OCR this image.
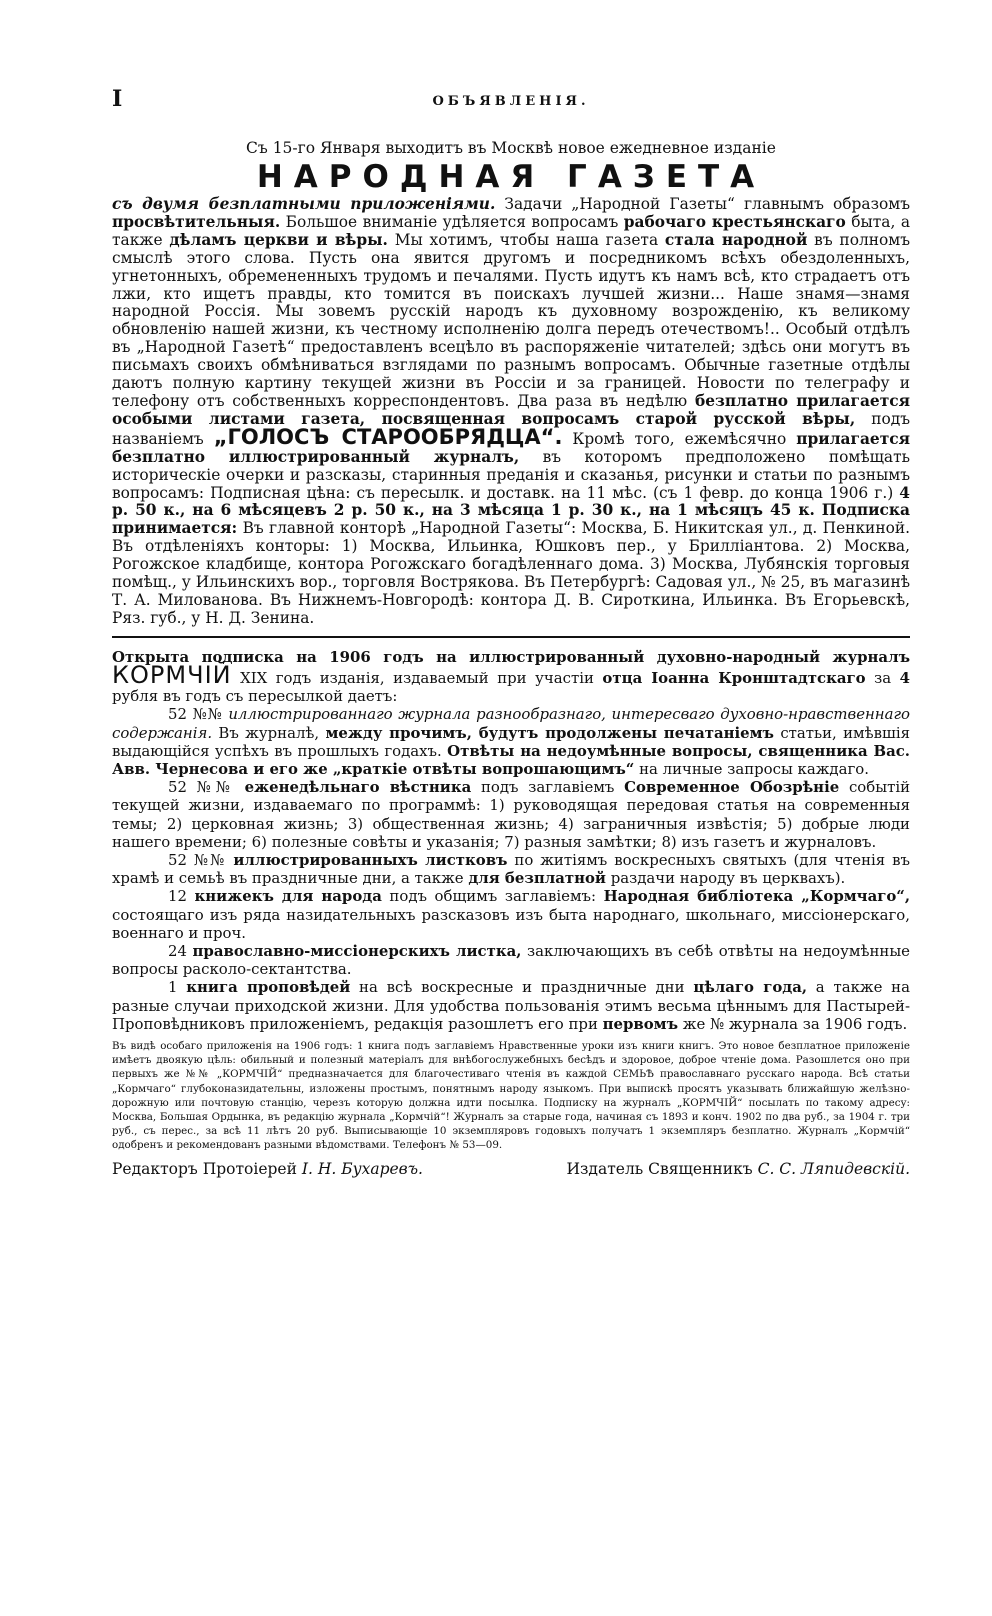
I	ОБЪЯВЛЕНІЯ.

Съ 15-го Января выходитъ въ Москвѣ новое ежедневное изданіе

НАРОДНАЯ ГАЗЕТА

съ двумя безплатными приложеніями. Задачи „Народной Газеты“ главнымъ образомъ просвѣтительныя. Большое вниманіе удѣляется вопросамъ рабочаго крестьянскаго быта, а также дѣламъ церкви и вѣры. Мы хотимъ, чтобы наша газета стала народной въ полномъ смыслѣ этого слова. Пусть она явится другомъ и посредникомъ всѣхъ обездоленныхъ, угнетонныхъ, обремененныхъ трудомъ и печалями. Пусть идутъ къ намъ всѣ, кто страдаетъ отъ лжи, кто ищетъ правды, кто томится въ поискахъ лучшей жизни... Наше знамя—знамя народной Россія. Мы зовемъ русскій народъ къ духовному возрожденію, къ великому обновленію нашей жизни, къ честному исполненію долга передъ отечествомъ!.. Особый отдѣлъ въ „Народной Газетѣ“ предоставленъ всецѣло въ распоряженіе читателей; здѣсь они могутъ въ письмахъ своихъ обмѣниваться взглядами по разнымъ вопросамъ. Обычные газетные отдѣлы даютъ полную картину текущей жизни въ Россіи и за границей. Новости по телеграфу и телефону отъ собственныхъ корреспондентовъ. Два раза въ недѣлю безплатно прилагается особыми листами газета, посвященная вопросамъ старой русской вѣры, подъ названіемъ „ГОЛОСЪ СТАРООБРЯДЦА“. Кромѣ того, ежемѣсячно прилагается безплатно иллюстрированный журналъ, въ которомъ предположено помѣщать историческіе очерки и разсказы, старинныя преданія и сказанья, рисунки и статьи по разнымъ вопросамъ: Подписная цѣна: съ пересылк. и доставк. на 11 мѣс. (съ 1 февр. до конца 1906 г.) 4 р. 50 к., на 6 мѣсяцевъ 2 р. 50 к., на 3 мѣсяца 1 р. 30 к., на 1 мѣсяцъ 45 к. Подписка принимается: Въ главной конторѣ „Народной Газеты“: Москва, Б. Никитская ул., д. Пенкиной. Въ отдѣленіяхъ конторы: 1) Москва, Ильинка, Юшковъ пер., у Бриллiантова. 2) Москва, Рогожское кладбище, контора Рогожскаго богадѣленнаго дома. 3) Москва, Лубянскія торговыя помѣщ., у Ильинскихъ вор., торговля Вострякова. Въ Петербургѣ: Садовая ул., № 25, въ магазинѣ Т. А. Милованова. Въ Нижнемъ-Новгородѣ: контора Д. В. Сироткина, Ильинка. Въ Егорьевскѣ, Ряз. губ., у Н. Д. Зенина.

Открыта подписка на 1906 годъ на иллюстрированный духовно-народный журналъ КОРМЧІЙ XIX годъ изданія, издаваемый при участіи отца Іоанна Кронштадтскаго за 4 рубля въ годъ съ пересылкой даетъ:

52 №№ иллюстрированнаго журнала разнообразнаго, интересваго духовно-нравственнаго содержанія. Въ журналѣ, между прочимъ, будутъ продолжены печатаніемъ статьи, имѣвшія выдающійся успѣхъ въ прошлыхъ годахъ. Отвѣты на недоумѣнные вопросы, священника Вас. Авв. Чернесова и его же „краткіе отвѣты вопрошающимъ“ на личные запросы каждаго.

52 №№ еженедѣльнаго вѣстника подъ заглавіемъ Современное Обозрѣніе событій текущей жизни, издаваемаго по программѣ: 1) руководящая передовая статья на современныя темы; 2) церковная жизнь; 3) общественная жизнь; 4) заграничныя извѣстія; 5) добрые люди нашего времени; 6) полезные совѣты и указанія; 7) разныя замѣтки; 8) изъ газетъ и журналовъ.

52 №№ иллюстрированныхъ листковъ по житіямъ воскресныхъ святыхъ (для чтенія въ храмѣ и семьѣ въ праздничные дни, а также для безплатной раздачи народу въ церквахъ).

12 книжекъ для народа подъ общимъ заглавіемъ: Народная библіотека „Кормчаго“, состоящаго изъ ряда назидательныхъ разсказовъ изъ быта народнаго, школьнаго, миссіонерскаго, военнаго и проч.

24 православно-миссіонерскихъ листка, заключающихъ въ себѣ отвѣты на недоумѣнные вопросы расколо-сектантства.

1 книга проповѣдей на всѣ воскресные и праздничные дни цѣлаго года, а также на разные случаи приходской жизни. Для удобства пользованія этимъ весьма цѣннымъ для Пастырей-Проповѣдниковъ приложеніемъ, редакція разошлетъ его при первомъ же № журнала за 1906 годъ.

Въ видѣ особаго приложенія на 1906 годъ: 1 книга подъ заглавіемъ Нравственные уроки изъ книги книгъ. Это новое безплатное приложеніе имѣетъ двоякую цѣль: обильный и полезный матеріалъ для внѣбогослужебныхъ бесѣдъ и здоровое, доброе чтеніе дома. Разошлется оно при первыхъ же №№ „КОРМЧІЙ“ предназначается для благочестиваго чтенія въ каждой СЕМЬѢ православнаго русскаго народа. Всѣ статьи „Кормчаго“ глубоконазидательны, изложены простымъ, понятнымъ народу языкомъ. При выпискѣ просятъ указывать ближайшую желѣзно-дорожную или почтовую станцію, черезъ которую должна идти посылка. Подписку на журналъ „КОРМЧІЙ“ посылать по такому адресу: Москва, Большая Ордынка, въ редакцію журнала „Кормчій“! Журналъ за старые года, начиная съ 1893 и конч. 1902 по два руб., за 1904 г. три руб., съ перес., за всѣ 11 лѣтъ 20 руб. Выписывающіе 10 экземпляровъ годовыхъ получатъ 1 экземпляръ безплатно. Журналъ „Кормчій“ одобренъ и рекомендованъ разными вѣдомствами. Телефонъ № 53—09.

Редакторъ Протоіерей I. Н. Бухаревъ.	Издатель Священникъ С. С. Ляпидевскій.
